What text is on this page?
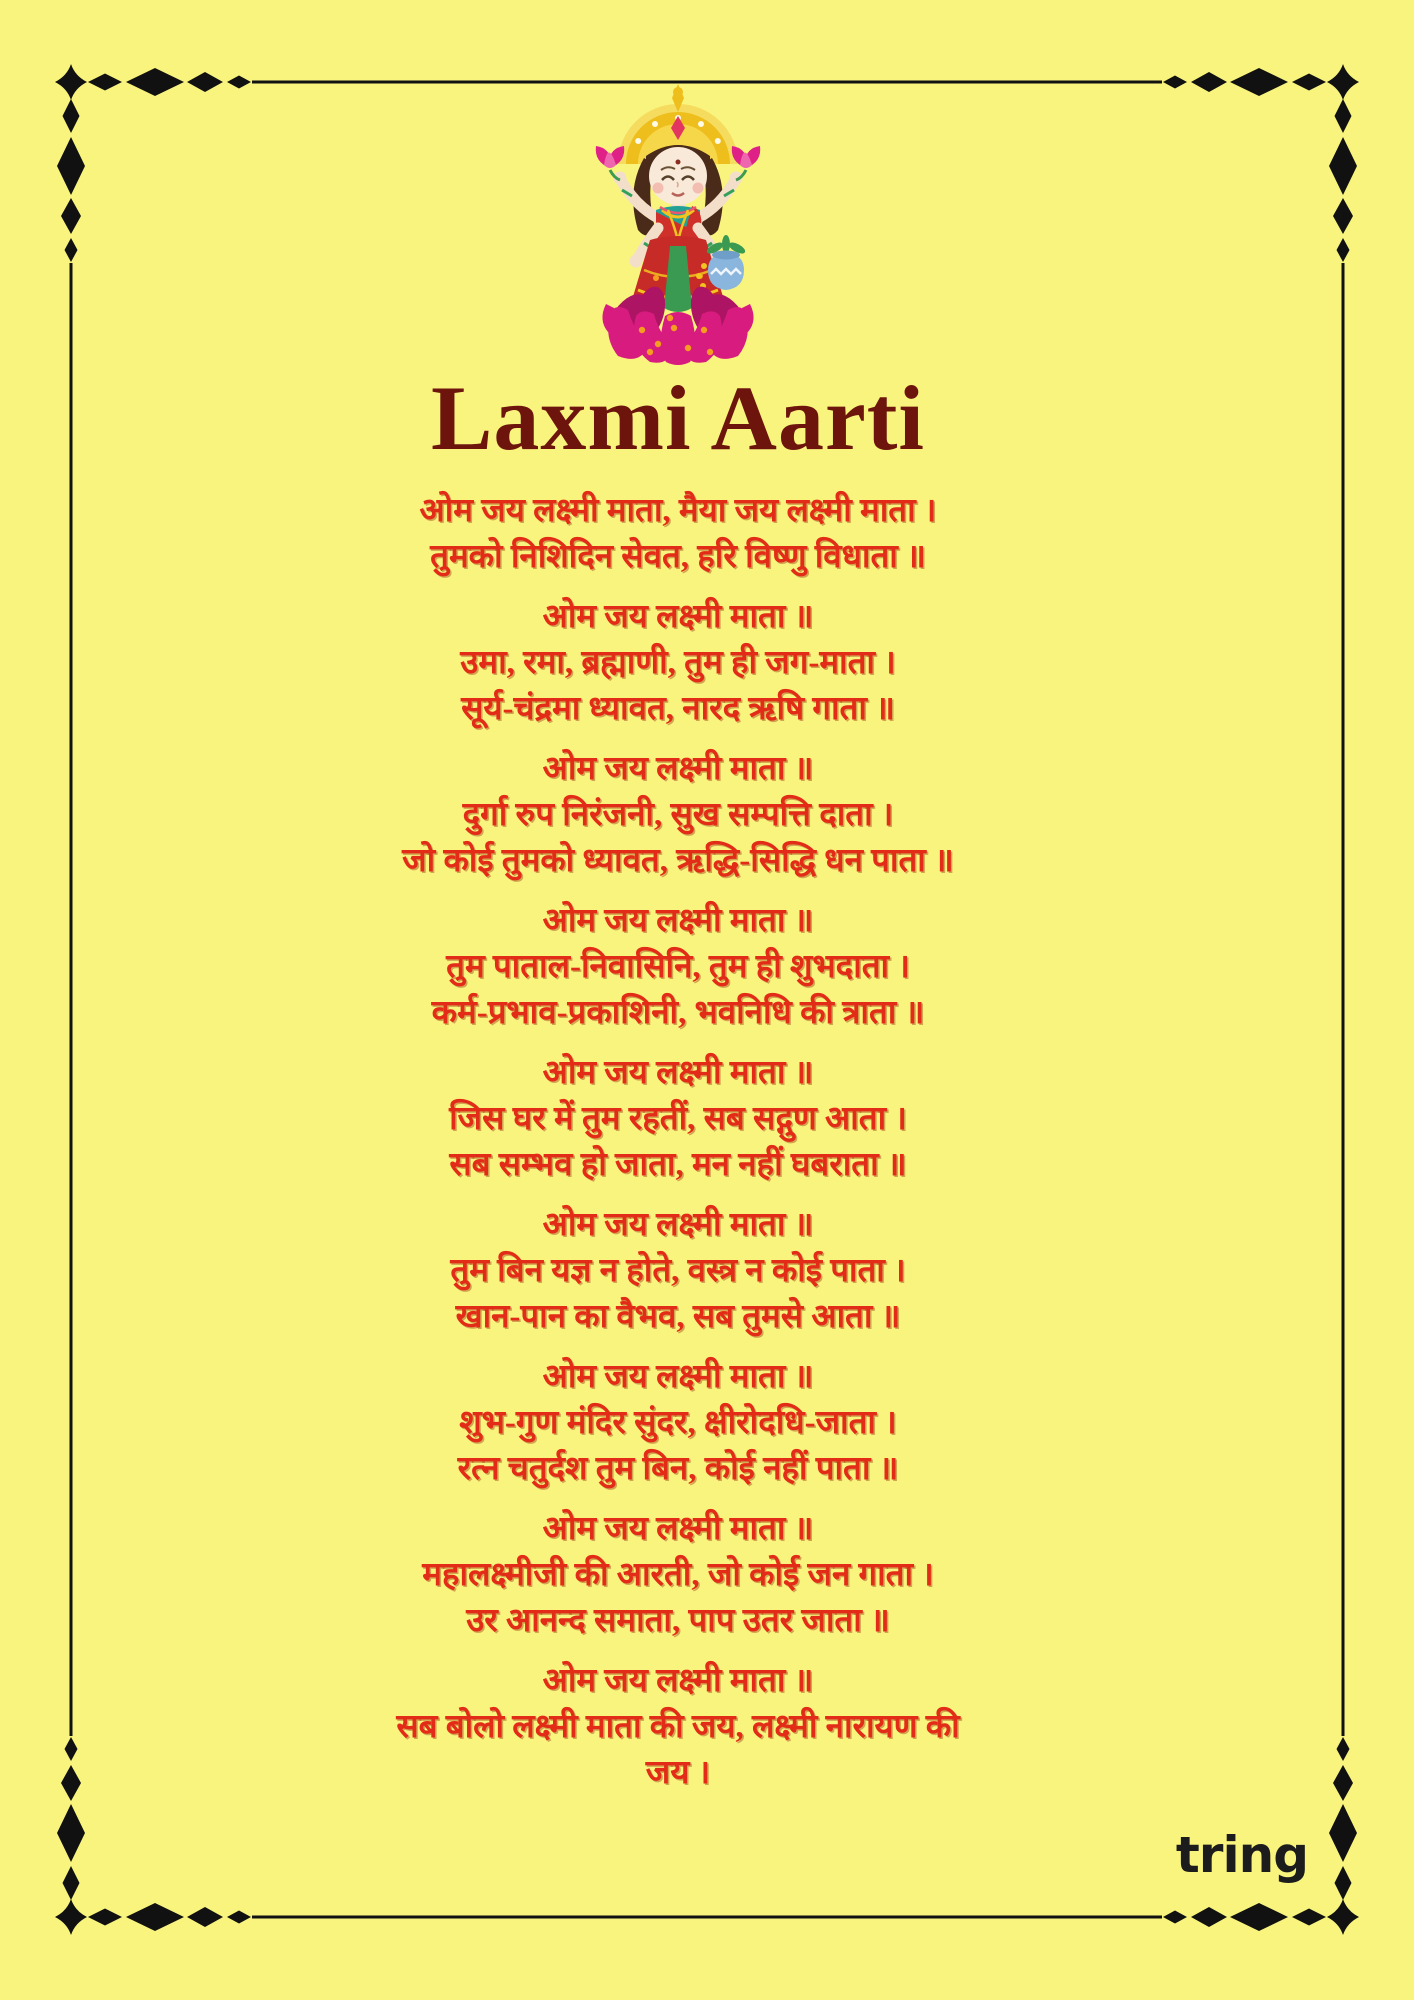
Laxmi Aarti
ओम जय लक्ष्मी माता, मैया जय लक्ष्मी माता ।
तुमको निशिदिन सेवत, हरि विष्णु विधाता ॥
ओम जय लक्ष्मी माता ॥
उमा, रमा, ब्रह्माणी, तुम ही जग-माता ।
सूर्य-चंद्रमा ध्यावत, नारद ऋषि गाता ॥
ओम जय लक्ष्मी माता ॥
दुर्गा रुप निरंजनी, सुख सम्पत्ति दाता ।
जो कोई तुमको ध्यावत, ऋद्धि-सिद्धि धन पाता ॥
ओम जय लक्ष्मी माता ॥
तुम पाताल-निवासिनि, तुम ही शुभदाता ।
कर्म-प्रभाव-प्रकाशिनी, भवनिधि की त्राता ॥
ओम जय लक्ष्मी माता ॥
जिस घर में तुम रहतीं, सब सद्गुण आता ।
सब सम्भव हो जाता, मन नहीं घबराता ॥
ओम जय लक्ष्मी माता ॥
तुम बिन यज्ञ न होते, वस्त्र न कोई पाता ।
खान-पान का वैभव, सब तुमसे आता ॥
ओम जय लक्ष्मी माता ॥
शुभ-गुण मंदिर सुंदर, क्षीरोदधि-जाता ।
रत्न चतुर्दश तुम बिन, कोई नहीं पाता ॥
ओम जय लक्ष्मी माता ॥
महालक्ष्मीजी की आरती, जो कोई जन गाता ।
उर आनन्द समाता, पाप उतर जाता ॥
ओम जय लक्ष्मी माता ॥
सब बोलो लक्ष्मी माता की जय, लक्ष्मी नारायण की
जय ।
tring
